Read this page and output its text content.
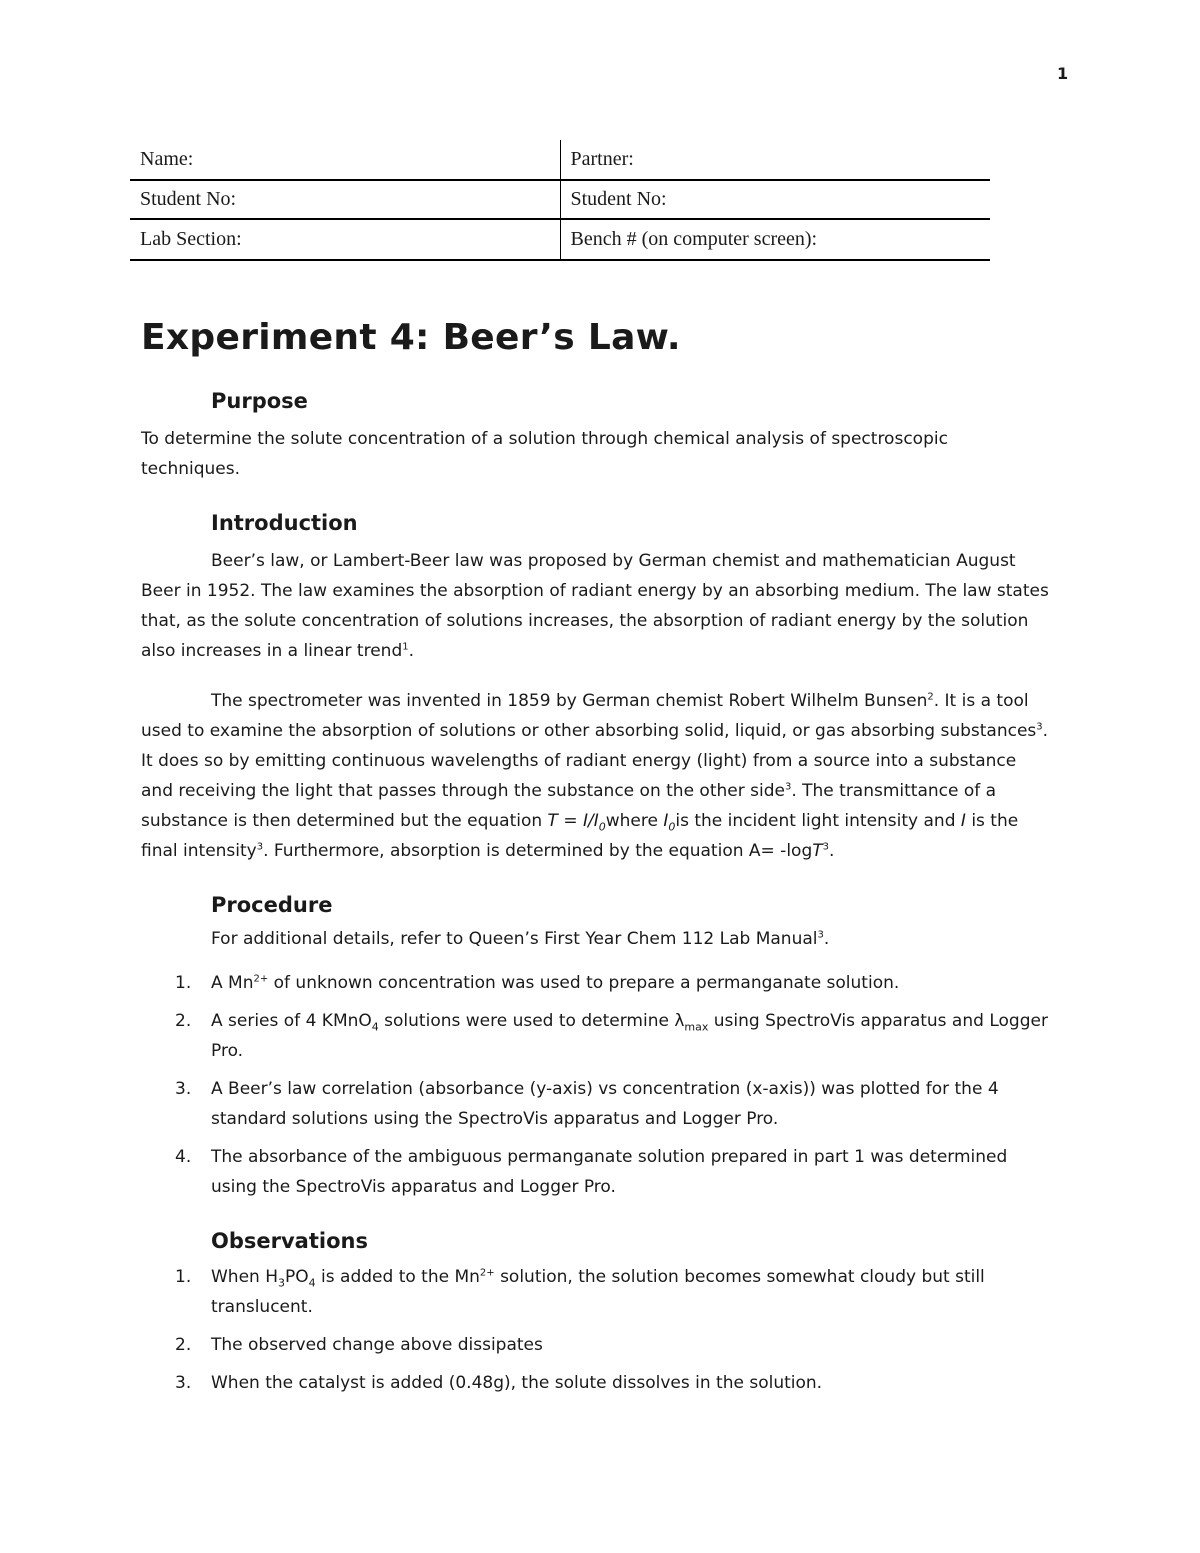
1
Name:	Partner:
Student No:	Student No:
Lab Section:	Bench # (on computer screen):
Experiment 4: Beer’s Law.
Purpose

To determine the solute concentration of a solution through chemical analysis of spectroscopic techniques.

Introduction

Beer’s law, or Lambert-Beer law was proposed by German chemist and mathematician August Beer in 1952. The law examines the absorption of radiant energy by an absorbing medium. The law states that, as the solute concentration of solutions increases, the absorption of radiant energy by the solution also increases in a linear trend$^1$.

The spectrometer was invented in 1859 by German chemist Robert Wilhelm Bunsen$^2$. It is a tool used to examine the absorption of solutions or other absorbing solid, liquid, or gas absorbing substances$^3$. It does so by emitting continuous wavelengths of radiant energy (light) from a source into a substance and receiving the light that passes through the substance on the other side$^3$. The transmittance of a substance is then determined but the equation $T = I/I_0where$ $I_0is$ the incident light intensity and I is the final intensity$^3$. Furthermore, absorption is determined by the equation A= -logT$^3$.

Procedure

For additional details, refer to Queen’s First Year Chem 112 Lab Manual$^3$.

1. A $Mn^{2+}$ of unknown concentration was used to prepare a permanganate solution.
2. A series of 4 KMnO$_4$ solutions were used to determine $\lambda_{max}$ using SpectroVis apparatus and Logger Pro.
3. A Beer’s law correlation (absorbance (y-axis) vs concentration (x-axis)) was plotted for the 4 standard solutions using the SpectroVis apparatus and Logger Pro.
4. The absorbance of the ambiguous permanganate solution prepared in part 1 was determined using the SpectroVis apparatus and Logger Pro.
Observations
1. When $H_3PO_4$ is added to the $Mn^{2+}$ solution, the solution becomes somewhat cloudy but still translucent.
2. The observed change above dissipates
3. When the catalyst is added (0.48g), the solute dissolves in the solution.
